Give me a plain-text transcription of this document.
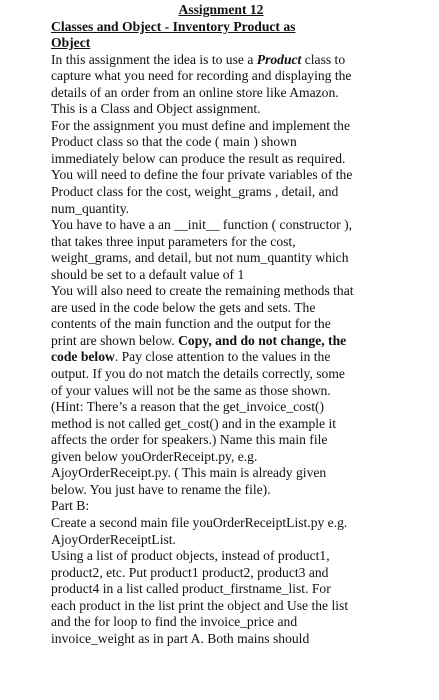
Assignment 12

Classes and Object - Inventory Product as
Object

In this assignment the idea is to use a Product class to
capture what you need for recording and displaying the
details of an order from an online store like Amazon.
This is a Class and Object assignment.

For the assignment you must define and implement the
Product class so that the code ( main ) shown
immediately below can produce the result as required.
You will need to define the four private variables of the
Product class for the cost, weight_grams , detail, and
num_quantity.

You have to have a an __init__ function ( constructor ),
that takes three input parameters for the cost,
weight_grams, and detail, but not num_quantity which
should be set to a default value of 1

You will also need to create the remaining methods that
are used in the code below the gets and sets. The
contents of the main function and the output for the
print are shown below. Copy, and do not change, the
code below. Pay close attention to the values in the
output. If you do not match the details correctly, some
of your values will not be the same as those shown.
(Hint: There’s a reason that the get_invoice_cost()
method is not called get_cost() and in the example it
affects the order for speakers.) Name this main file
given below youOrderReceipt.py, e.g.
AjoyOrderReceipt.py. ( This main is already given
below. You just have to rename the file).

Part B:

Create a second main file youOrderReceiptList.py e.g.
AjoyOrderReceiptList.

Using a list of product objects, instead of product1,
product2, etc. Put product1 product2, product3 and
product4 in a list called product_firstname_list. For
each product in the list print the object and Use the list
and the for loop to find the invoice_price and
invoice_weight as in part A. Both mains should
